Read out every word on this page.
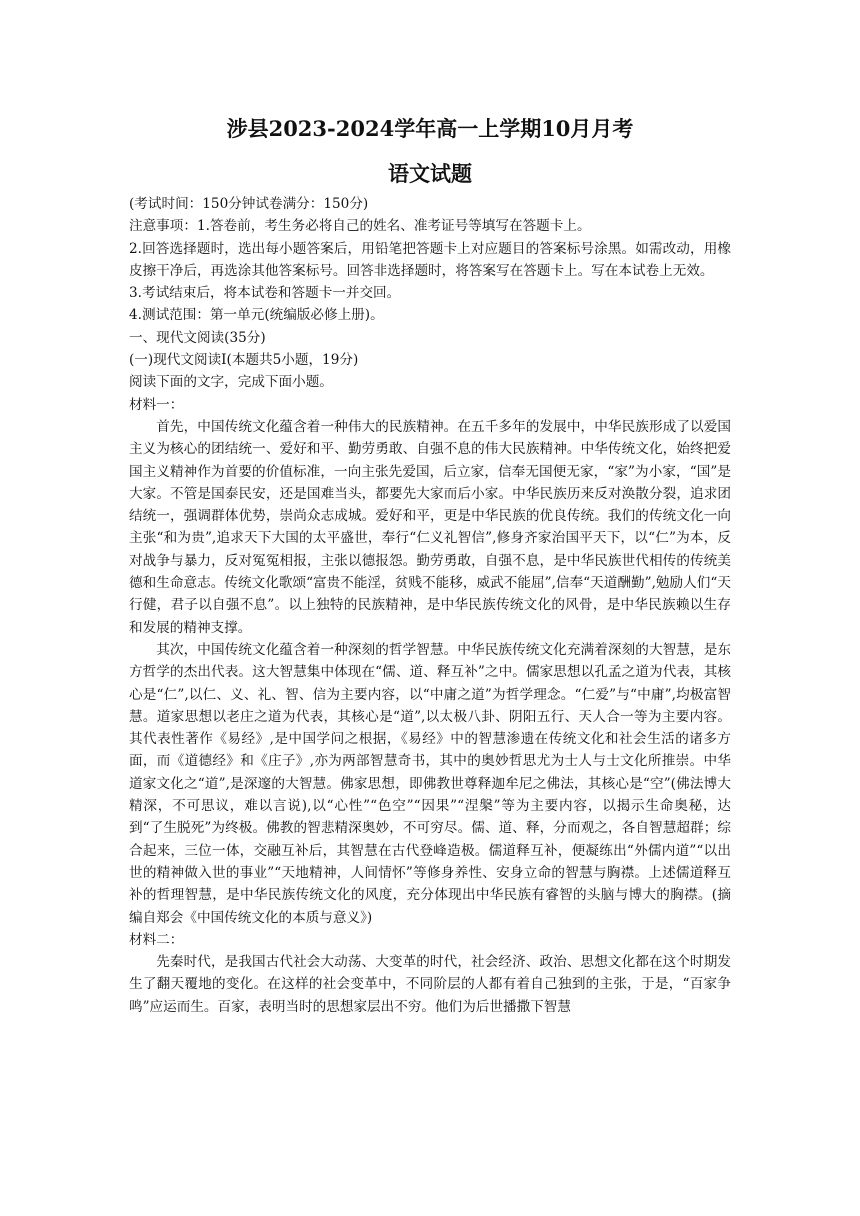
涉县2023-2024学年高一上学期10月月考
语文试题

(考试时间：150分钟试卷满分：150分)

注意事项：1.答卷前，考生务必将自己的姓名、准考证号等填写在答题卡上。

2.回答选择题时，选出每小题答案后，用铅笔把答题卡上对应题目的答案标号涂黑。如需改动，用橡皮擦干净后，再选涂其他答案标号。回答非选择题时，将答案写在答题卡上。写在本试卷上无效。

3.考试结束后，将本试卷和答题卡一并交回。

4.测试范围：第一单元(统编版必修上册)。

一、现代文阅读(35分)

(一)现代文阅读I(本题共5小题，19分)

阅读下面的文字，完成下面小题。

材料一：

首先，中国传统文化蕴含着一种伟大的民族精神。在五千多年的发展中，中华民族形成了以爱国主义为核心的团结统一、爱好和平、勤劳勇敢、自强不息的伟大民族精神。中华传统文化，始终把爱国主义精神作为首要的价值标准，一向主张先爱国，后立家，信奉无国便无家，“家”为小家，“国”是大家。不管是国泰民安，还是国难当头，都要先大家而后小家。中华民族历来反对涣散分裂，追求团结统一，强调群体优势，崇尚众志成城。爱好和平，更是中华民族的优良传统。我们的传统文化一向主张“和为贵”,追求天下大国的太平盛世，奉行“仁义礼智信”,修身齐家治国平天下，以“仁”为本，反对战争与暴力，反对冤冤相报，主张以德报怨。勤劳勇敢，自强不息，是中华民族世代相传的传统美德和生命意志。传统文化歌颂“富贵不能淫，贫贱不能移，威武不能屈”,信奉“天道酬勤”,勉励人们“天行健，君子以自强不息”。以上独特的民族精神，是中华民族传统文化的风骨，是中华民族赖以生存和发展的精神支撑。

其次，中国传统文化蕴含着一种深刻的哲学智慧。中华民族传统文化充满着深刻的大智慧，是东方哲学的杰出代表。这大智慧集中体现在“儒、道、释互补”之中。儒家思想以孔孟之道为代表，其核心是“仁”,以仁、义、礼、智、信为主要内容，以“中庸之道”为哲学理念。“仁爱”与“中庸”,均极富智慧。道家思想以老庄之道为代表，其核心是“道”,以太极八卦、阴阳五行、天人合一等为主要内容。其代表性著作《易经》,是中国学问之根据，《易经》中的智慧渗遗在传统文化和社会生活的诸多方面，而《道德经》和《庄子》,亦为两部智慧奇书，其中的奥妙哲思尤为士人与士文化所推崇。中华道家文化之“道”,是深邃的大智慧。佛家思想，即佛教世尊释迦牟尼之佛法，其核心是“空”(佛法博大精深，不可思议，难以言说),以“心性”“色空”“因果”“涅槃”等为主要内容，以揭示生命奥秘，达到“了生脱死”为终极。佛教的智悲精深奥妙，不可穷尽。儒、道、释，分而观之，各自智慧超群；综合起来，三位一体，交融互补后，其智慧在古代登峰造极。儒道释互补，便凝练出“外儒内道”“以出世的精神做入世的事业”“天地精神，人间情怀”等修身养性、安身立命的智慧与胸襟。上述儒道释互补的哲理智慧，是中华民族传统文化的风度，充分体现出中华民族有睿智的头脑与博大的胸襟。(摘编自郑会《中国传统文化的本质与意义》)

材料二：

先秦时代，是我国古代社会大动荡、大变革的时代，社会经济、政治、思想文化都在这个时期发生了翻天覆地的变化。在这样的社会变革中，不同阶层的人都有着自己独到的主张，于是，“百家争鸣”应运而生。百家，表明当时的思想家层出不穷。他们为后世播撒下智慧
